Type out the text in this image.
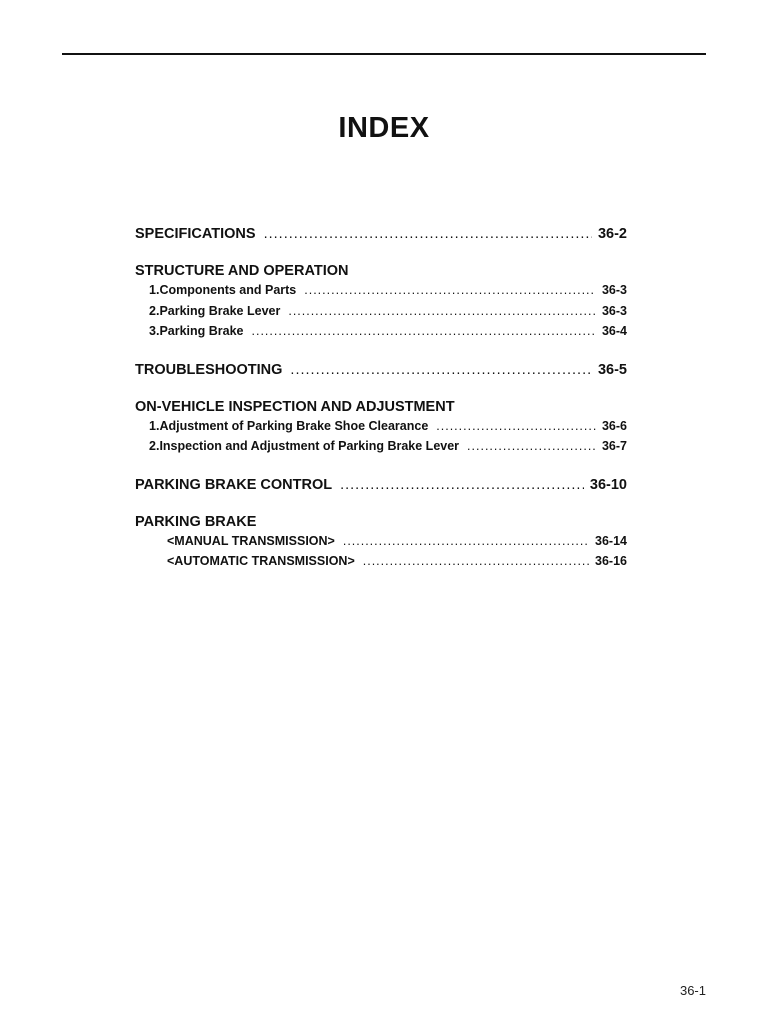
INDEX
SPECIFICATIONS .....	36-2
STRUCTURE AND OPERATION
1. Components and Parts .....	36-3
2. Parking Brake Lever .....	36-3
3. Parking Brake .....	36-4
TROUBLESHOOTING .....	36-5
ON-VEHICLE INSPECTION AND ADJUSTMENT
1. Adjustment of Parking Brake Shoe Clearance .....	36-6
2. Inspection and Adjustment of Parking Brake Lever .....	36-7
PARKING BRAKE CONTROL .....	36-10
PARKING BRAKE
<MANUAL TRANSMISSION> .....	36-14
<AUTOMATIC TRANSMISSION> .....	36-16
36-1
